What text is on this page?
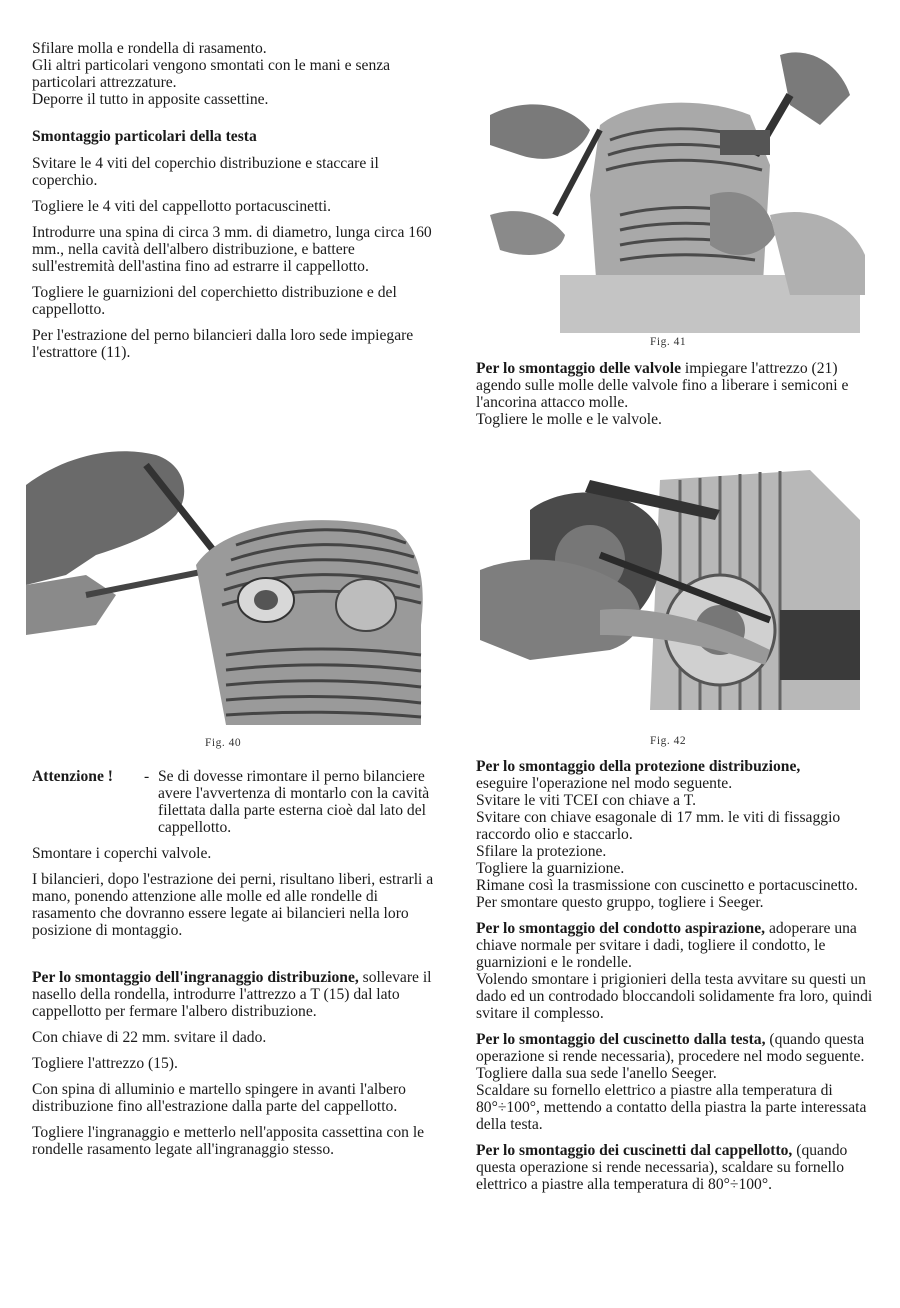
Sfilare molla e rondella di rasamento.
Gli altri particolari vengono smontati con le mani e senza particolari attrezzature.
Deporre il tutto in apposite cassettine.

Smontaggio particolari della testa

Svitare le 4 viti del coperchio distribuzione e staccare il coperchio.

Togliere le 4 viti del cappellotto portacuscinetti.

Introdurre una spina di circa 3 mm. di diametro, lunga circa 160 mm., nella cavità dell'albero distribuzione, e battere sull'estremità dell'astina fino ad estrarre il cappellotto.

Togliere le guarnizioni del coperchietto distribuzione e del cappellotto.

Per l'estrazione del perno bilancieri dalla loro sede impiegare l'estrattore (11).

Fig. 40
Attenzione !	- Se di dovesse rimontare il perno bilanciere avere l'avvertenza di montarlo con la cavità filettata dalla parte esterna cioè dal lato del cappellotto.

Smontare i coperchi valvole.

I bilancieri, dopo l'estrazione dei perni, risultano liberi, estrarli a mano, ponendo attenzione alle molle ed alle rondelle di rasamento che dovranno essere legate ai bilancieri nella loro posizione di montaggio.

Per lo smontaggio dell'ingranaggio distribuzione, sollevare il nasello della rondella, introdurre l'attrezzo a T (15) dal lato cappellotto per fermare l'albero distribuzione.

Con chiave di 22 mm. svitare il dado.

Togliere l'attrezzo (15).

Con spina di alluminio e martello spingere in avanti l'albero distribuzione fino all'estrazione dalla parte del cappellotto.

Togliere l'ingranaggio e metterlo nell'apposita cassettina con le rondelle rasamento legate all'ingranaggio stesso.

Fig. 41

Per lo smontaggio delle valvole impiegare l'attrezzo (21) agendo sulle molle delle valvole fino a liberare i semiconi e l'ancorina attacco molle.

Togliere le molle e le valvole.

Fig. 42

Per lo smontaggio della protezione distribuzione,
eseguire l'operazione nel modo seguente.
Svitare le viti TCEI con chiave a T.
Svitare con chiave esagonale di 17 mm. le viti di fissaggio raccordo olio e staccarlo.
Sfilare la protezione.
Togliere la guarnizione.
Rimane così la trasmissione con cuscinetto e portacuscinetto. Per smontare questo gruppo, togliere i Seeger.

Per lo smontaggio del condotto aspirazione, adoperare una chiave normale per svitare i dadi, togliere il condotto, le guarnizioni e le rondelle.
Volendo smontare i prigionieri della testa avvitare su questi un dado ed un controdado bloccandoli solidamente fra loro, quindi svitare il complesso.

Per lo smontaggio del cuscinetto dalla testa, (quando questa operazione si rende necessaria), procedere nel modo seguente.
Togliere dalla sua sede l'anello Seeger.
Scaldare su fornello elettrico a piastre alla temperatura di 80°÷100°, mettendo a contatto della piastra la parte interessata della testa.

Per lo smontaggio dei cuscinetti dal cappellotto, (quando questa operazione si rende necessaria), scaldare su fornello elettrico a piastre alla temperatura di 80°÷100°.
